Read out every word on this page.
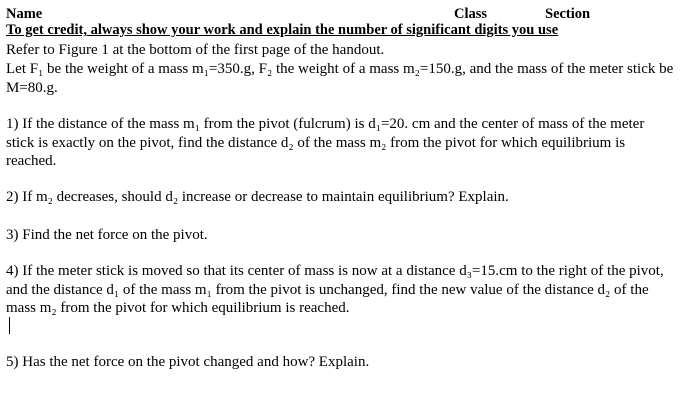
Name	Class	Section
To get credit, always show your work and explain the number of significant digits you use
Refer to Figure 1 at the bottom of the first page of the handout.
Let F₁ be the weight of a mass m₁=350.g, F₂ the weight of a mass m₂=150.g, and the mass of the meter stick be M=80.g.
1) If the distance of the mass m₁ from the pivot (fulcrum) is d₁=20. cm and the center of mass of the meter stick is exactly on the pivot, find the distance d₂ of the mass m₂ from the pivot for which equilibrium is reached.
2) If m₂ decreases, should d₂ increase or decrease to maintain equilibrium? Explain.
3) Find the net force on the pivot.
4) If the meter stick is moved so that its center of mass is now at a distance d₃=15.cm to the right of the pivot, and the distance d₁ of the mass m₁ from the pivot is unchanged, find the new value of the distance d₂ of the mass m₂ from the pivot for which equilibrium is reached.
5) Has the net force on the pivot changed and how? Explain.
